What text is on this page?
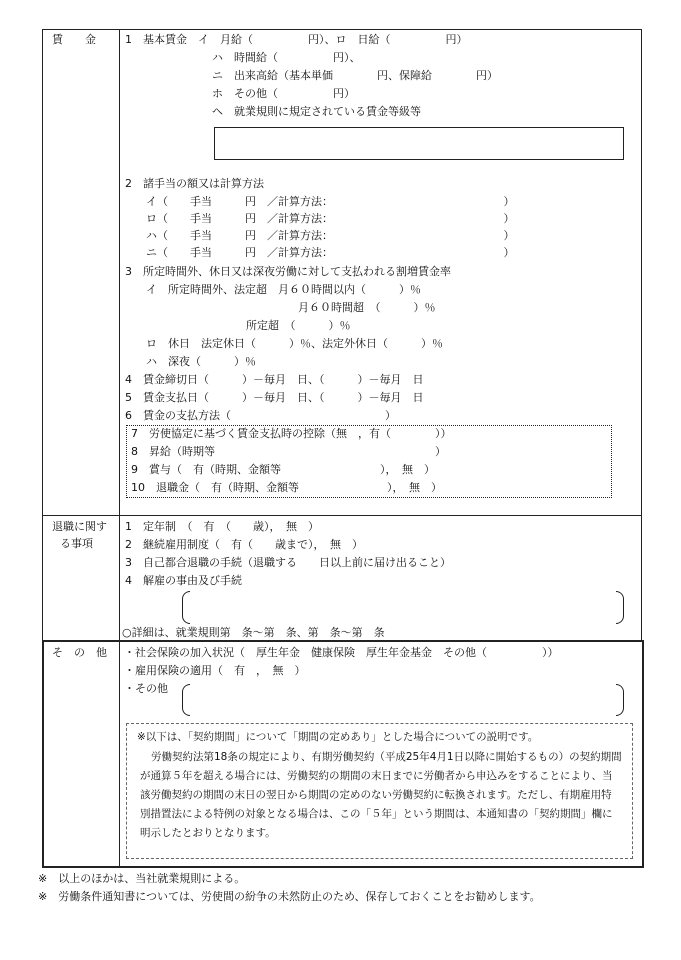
賃　　金	1　基本賃金　イ　月給（　　　　　円）、ロ　日給（　　　　　円）
ハ　時間給（　　　　　円）、
ニ　出来高給（基本単価　　　　円、保障給　　　　円）
ホ　その他（　　　　　円）
ヘ　就業規則に規定されている賃金等級等
2　諸手当の額又は計算方法
イ（　　手当　　　円　／計算方法：　　　　　　　　　　　　　　　　）
ロ（　　手当　　　円　／計算方法：　　　　　　　　　　　　　　　　）
ハ（　　手当　　　円　／計算方法：　　　　　　　　　　　　　　　　）
ニ（　　手当　　　円　／計算方法：　　　　　　　　　　　　　　　　）
3　所定時間外、休日又は深夜労働に対して支払われる割増賃金率
イ　所定時間外、法定超　月６０時間以内（　　　）％
月６０時間超　（　　　）％
所定超　（　　　）％
ロ　休日　法定休日（　　　）％、法定外休日（　　　）％
ハ　深夜（　　　）％
4　賃金締切日（　　　）－毎月　日、（　　　）－毎月　日
5　賃金支払日（　　　）－毎月　日、（　　　）－毎月　日
6　賃金の支払方法（　　　　　　　　　　　　　　）
7　労使協定に基づく賃金支払時の控除（無　，有（　　　　））
8　昇給（時期等　　　　　　　　　　　　　　　　　　　　）
9　賞与（　有（時期、金額等　　　　　　　　　），　無　）
10　退職金（　有（時期、金額等　　　　　　　　），　無　）
退職に関す
る事項
1　定年制　（　有　（　　歳），　無　）
2　継続雇用制度（　有（　　歳まで），　無　）
3　自己都合退職の手続（退職する　　日以上前に届け出ること）
4　解雇の事由及び手続
○詳細は、就業規則第　条～第　条、第　条～第　条
そ　の　他 ・社会保険の加入状況（　厚生年金　健康保険　厚生年金基金　その他（　　　　　））
・雇用保険の適用（　有　，　無　）
・その他
※以下は、「契約期間」について「期間の定めあり」とした場合についての説明です。
労働契約法第18条の規定により、有期労働契約（平成25年4月1日以降に開始するもの）の契約期間が通算５年を超える場合には、労働契約の期間の末日までに労働者から申込みをすることにより、当該労働契約の期間の末日の翌日から期間の定めのない労働契約に転換されます。ただし、有期雇用特別措置法による特例の対象となる場合は、この「５年」という期間は、本通知書の「契約期間」欄に明示したとおりとなります。
※　以上のほかは、当社就業規則による。
※　労働条件通知書については、労使間の紛争の未然防止のため、保存しておくことをお勧めします。
